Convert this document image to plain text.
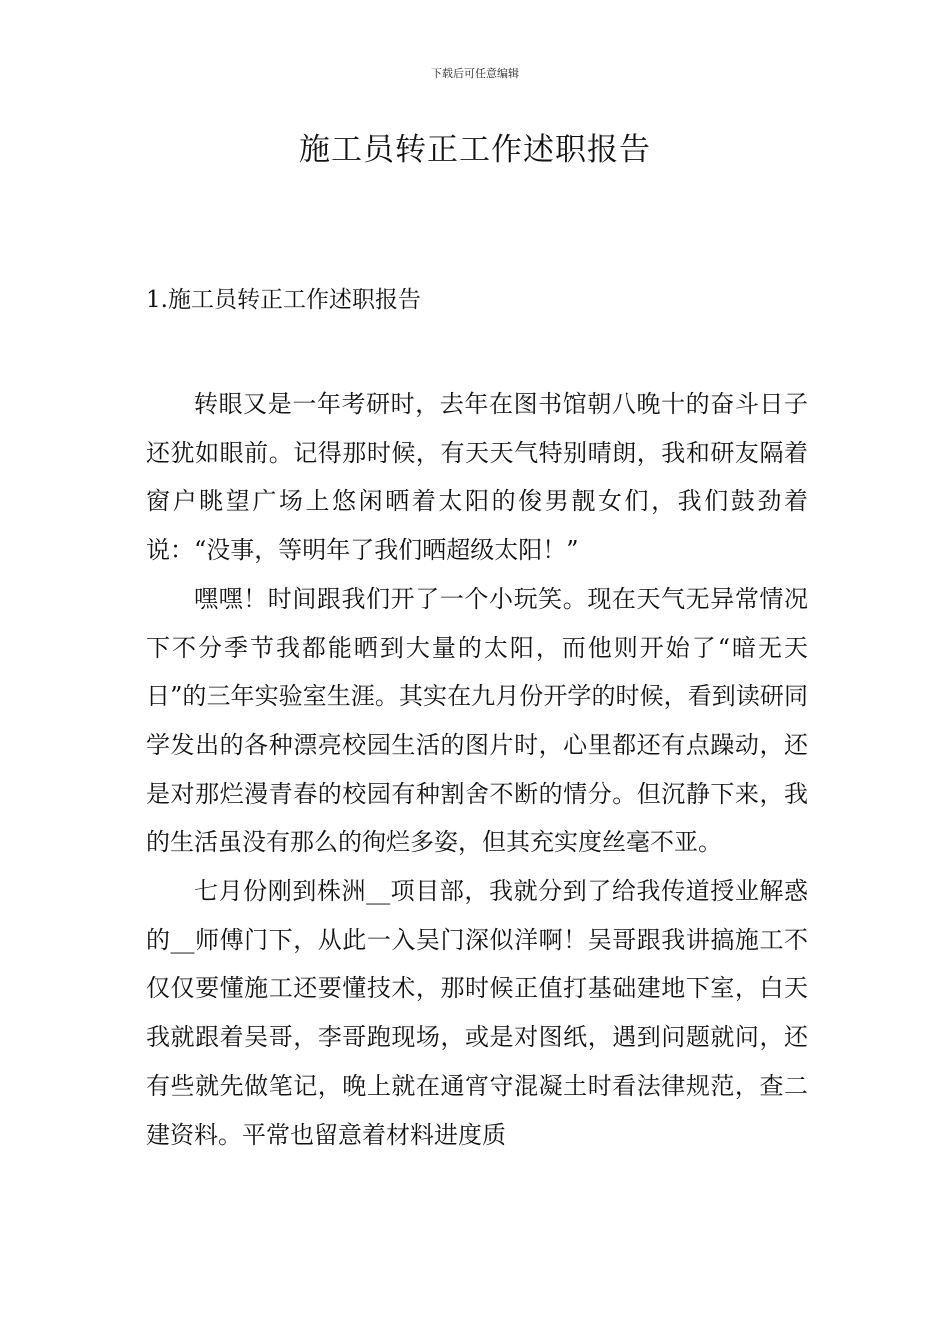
下载后可任意编辑
施工员转正工作述职报告
1.施工员转正工作述职报告

转眼又是一年考研时，去年在图书馆朝八晚十的奋斗日子还犹如眼前。记得那时候，有天天气特别晴朗，我和研友隔着窗户眺望广场上悠闲晒着太阳的俊男靓女们，我们鼓劲着说：“没事，等明年了我们晒超级太阳！”

嘿嘿！时间跟我们开了一个小玩笑。现在天气无异常情况下不分季节我都能晒到大量的太阳，而他则开始了“暗无天日”的三年实验室生涯。其实在九月份开学的时候，看到读研同学发出的各种漂亮校园生活的图片时，心里都还有点躁动，还是对那烂漫青春的校园有种割舍不断的情分。但沉静下来，我的生活虽没有那么的徇烂多姿，但其充实度丝毫不亚。

七月份刚到株洲__项目部，我就分到了给我传道授业解惑的__师傅门下，从此一入吴门深似洋啊！吴哥跟我讲搞施工不仅仅要懂施工还要懂技术，那时候正值打基础建地下室，白天我就跟着吴哥，李哥跑现场，或是对图纸，遇到问题就问，还有些就先做笔记，晚上就在通宵守混凝土时看法律规范，查二建资料。平常也留意着材料进度质
